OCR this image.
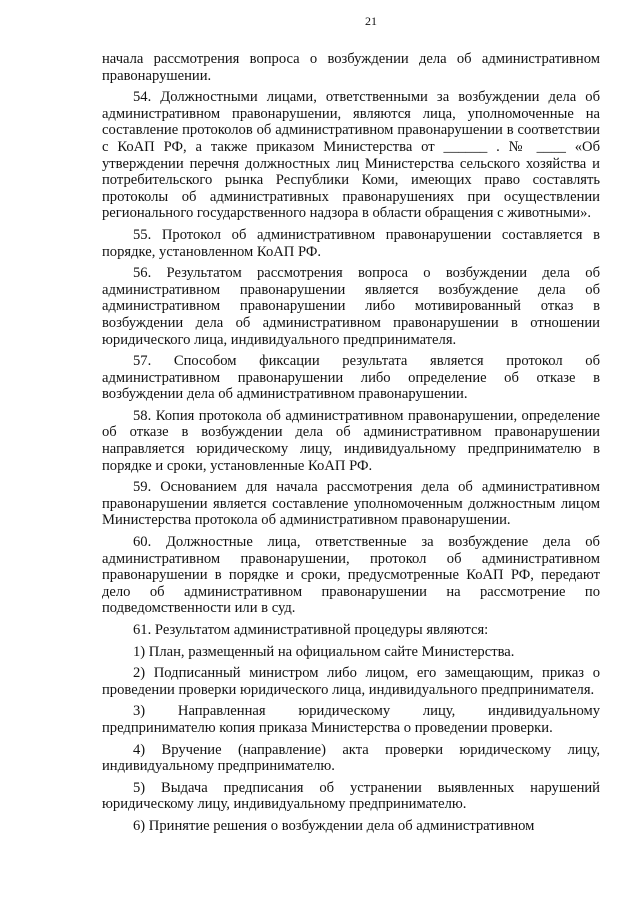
21

начала рассмотрения вопроса о возбуждении дела об административном правонарушении.

54. Должностными лицами, ответственными за возбуждении дела об административном правонарушении, являются лица, уполномоченные на составление протоколов об административном правонарушении в соответствии с КоАП РФ, а также приказом Министерства от ______ . № ____ «Об утверждении перечня должностных лиц Министерства сельского хозяйства и потребительского рынка Республики Коми, имеющих право составлять протоколы об административных правонарушениях при осуществлении регионального государственного надзора в области обращения с животными».

55. Протокол об административном правонарушении составляется в порядке, установленном КоАП РФ.

56. Результатом рассмотрения вопроса о возбуждении дела об административном правонарушении является возбуждение дела об административном правонарушении либо мотивированный отказ в возбуждении дела об административном правонарушении в отношении юридического лица, индивидуального предпринимателя.

57. Способом фиксации результата является протокол об административном правонарушении либо определение об отказе в возбуждении дела об административном правонарушении.

58. Копия протокола об административном правонарушении, определение об отказе в возбуждении дела об административном правонарушении направляется юридическому лицу, индивидуальному предпринимателю в порядке и сроки, установленные КоАП РФ.

59. Основанием для начала рассмотрения дела об административном правонарушении является составление уполномоченным должностным лицом Министерства протокола об административном правонарушении.

60. Должностные лица, ответственные за возбуждение дела об административном правонарушении, протокол об административном правонарушении в порядке и сроки, предусмотренные КоАП РФ, передают дело об административном правонарушении на рассмотрение по подведомственности или в суд.

61. Результатом административной процедуры являются:

1) План, размещенный на официальном сайте Министерства.

2) Подписанный министром либо лицом, его замещающим, приказ о проведении проверки юридического лица, индивидуального предпринимателя.

3) Направленная юридическому лицу, индивидуальному предпринимателю копия приказа Министерства о проведении проверки.

4) Вручение (направление) акта проверки юридическому лицу, индивидуальному предпринимателю.

5) Выдача предписания об устранении выявленных нарушений юридическому лицу, индивидуальному предпринимателю.

6) Принятие решения о возбуждении дела об административном
